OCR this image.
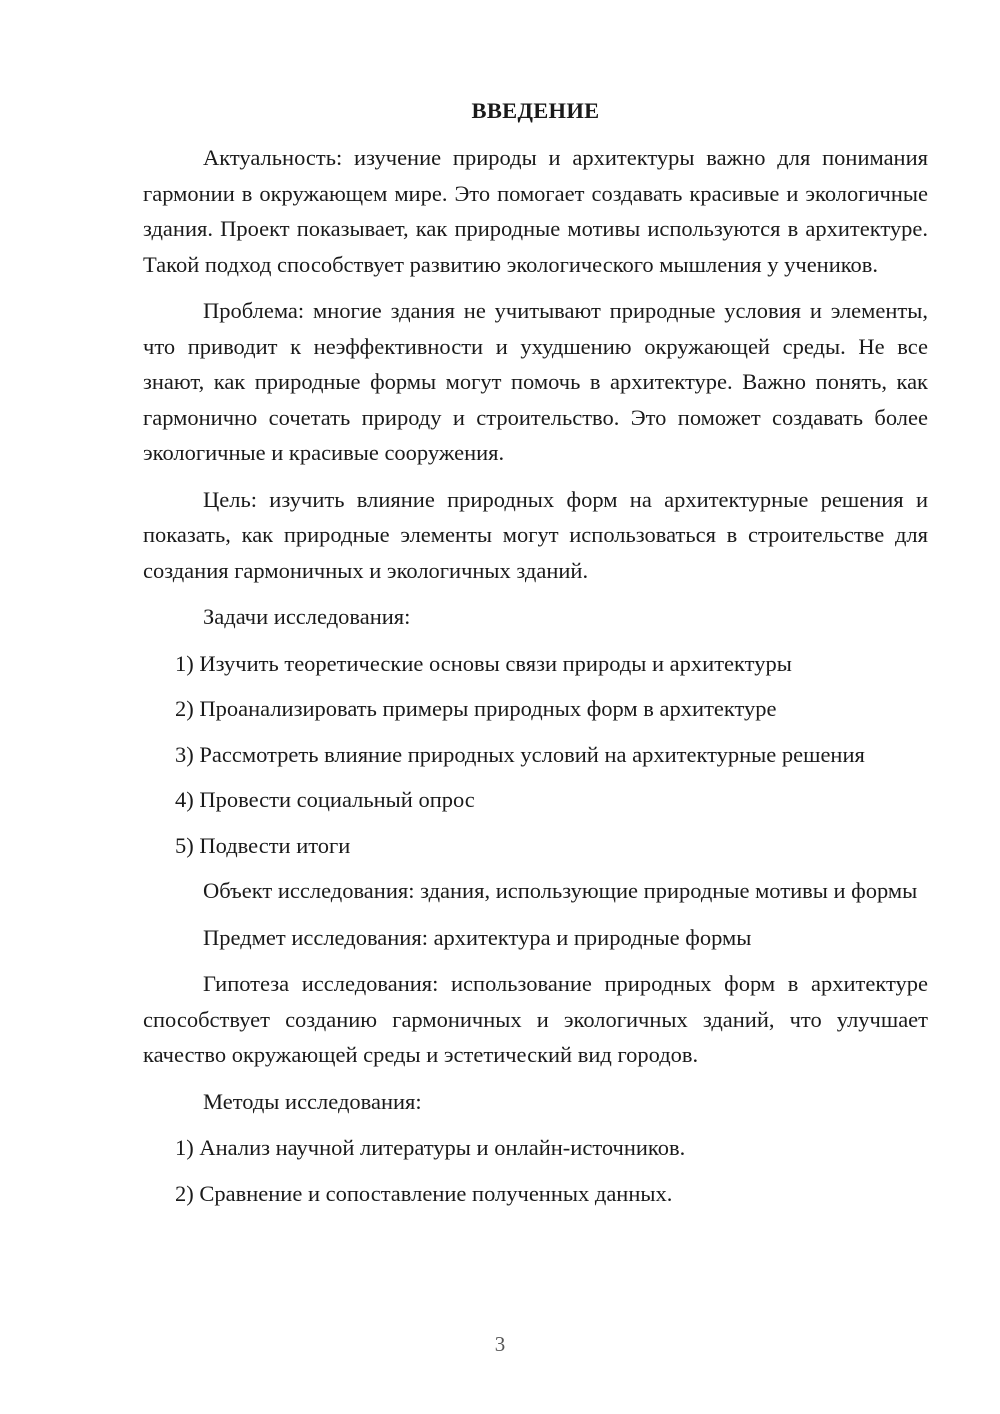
ВВЕДЕНИЕ

Актуальность: изучение природы и архитектуры важно для понимания гармонии в окружающем мире. Это помогает создавать красивые и экологичные здания. Проект показывает, как природные мотивы используются в архитектуре. Такой подход способствует развитию экологического мышления у учеников.

Проблема: многие здания не учитывают природные условия и элементы, что приводит к неэффективности и ухудшению окружающей среды. Не все знают, как природные формы могут помочь в архитектуре. Важно понять, как гармонично сочетать природу и строительство. Это поможет создавать более экологичные и красивые сооружения.

Цель: изучить влияние природных форм на архитектурные решения и показать, как природные элементы могут использоваться в строительстве для создания гармоничных и экологичных зданий.

Задачи исследования:

1) Изучить теоретические основы связи природы и архитектуры

2) Проанализировать примеры природных форм в архитектуре

3) Рассмотреть влияние природных условий на архитектурные решения

4) Провести социальный опрос

5) Подвести итоги

Объект исследования: здания, использующие природные мотивы и формы

Предмет исследования: архитектура и природные формы

Гипотеза исследования: использование природных форм в архитектуре способствует созданию гармоничных и экологичных зданий, что улучшает качество окружающей среды и эстетический вид городов.

Методы исследования:

1) Анализ научной литературы и онлайн-источников.

2) Сравнение и сопоставление полученных данных.

3
